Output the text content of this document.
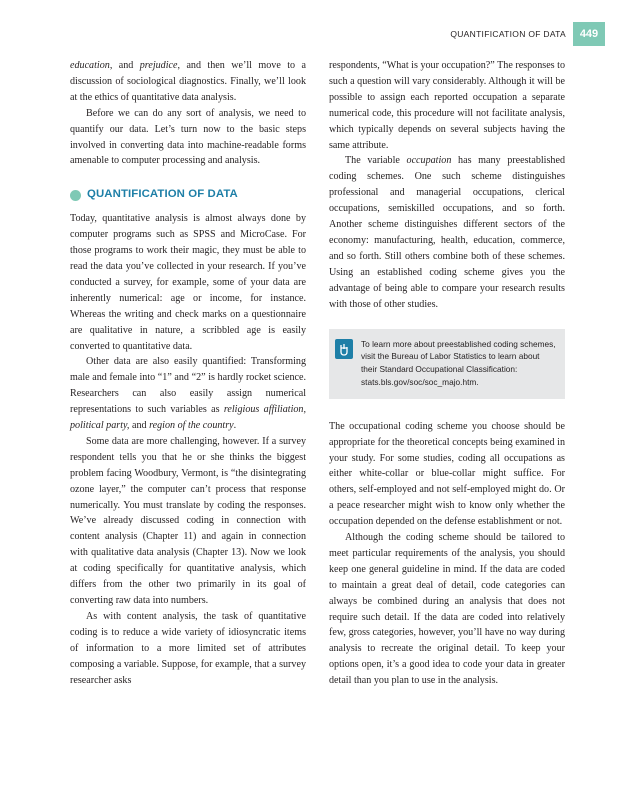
QUANTIFICATION OF DATA	449

education, and prejudice, and then we’ll move to a discussion of sociological diagnostics. Finally, we’ll look at the ethics of quantitative data analysis.

Before we can do any sort of analysis, we need to quantify our data. Let’s turn now to the basic steps involved in converting data into machine-readable forms amenable to computer processing and analysis.

QUANTIFICATION OF DATA

Today, quantitative analysis is almost always done by computer programs such as SPSS and MicroCase. For those programs to work their magic, they must be able to read the data you’ve collected in your research. If you’ve conducted a survey, for example, some of your data are inherently numerical: age or income, for instance. Whereas the writing and check marks on a questionnaire are qualitative in nature, a scribbled age is easily converted to quantitative data.

Other data are also easily quantified: Transforming male and female into “1” and “2” is hardly rocket science. Researchers can also easily assign numerical representations to such variables as religious affiliation, political party, and region of the country.

Some data are more challenging, however. If a survey respondent tells you that he or she thinks the biggest problem facing Woodbury, Vermont, is “the disintegrating ozone layer,” the computer can’t process that response numerically. You must translate by coding the responses. We’ve already discussed coding in connection with content analysis (Chapter 11) and again in connection with qualitative data analysis (Chapter 13). Now we look at coding specifically for quantitative analysis, which differs from the other two primarily in its goal of converting raw data into numbers.

As with content analysis, the task of quantitative coding is to reduce a wide variety of idiosyncratic items of information to a more limited set of attributes composing a variable. Suppose, for example, that a survey researcher asks

respondents, “What is your occupation?” The responses to such a question will vary considerably. Although it will be possible to assign each reported occupation a separate numerical code, this procedure will not facilitate analysis, which typically depends on several subjects having the same attribute.

The variable occupation has many preestablished coding schemes. One such scheme distinguishes professional and managerial occupations, clerical occupations, semiskilled occupations, and so forth. Another scheme distinguishes different sectors of the economy: manufacturing, health, education, commerce, and so forth. Still others combine both of these schemes. Using an established coding scheme gives you the advantage of being able to compare your research results with those of other studies.

To learn more about preestablished coding schemes, visit the Bureau of Labor Statistics to learn about their Standard Occupational Classification: stats.bls.gov/soc/soc_majo.htm.

The occupational coding scheme you choose should be appropriate for the theoretical concepts being examined in your study. For some studies, coding all occupations as either white-collar or blue-collar might suffice. For others, self-employed and not self-employed might do. Or a peace researcher might wish to know only whether the occupation depended on the defense establishment or not.

Although the coding scheme should be tailored to meet particular requirements of the analysis, you should keep one general guideline in mind. If the data are coded to maintain a great deal of detail, code categories can always be combined during an analysis that does not require such detail. If the data are coded into relatively few, gross categories, however, you’ll have no way during analysis to recreate the original detail. To keep your options open, it’s a good idea to code your data in greater detail than you plan to use in the analysis.
